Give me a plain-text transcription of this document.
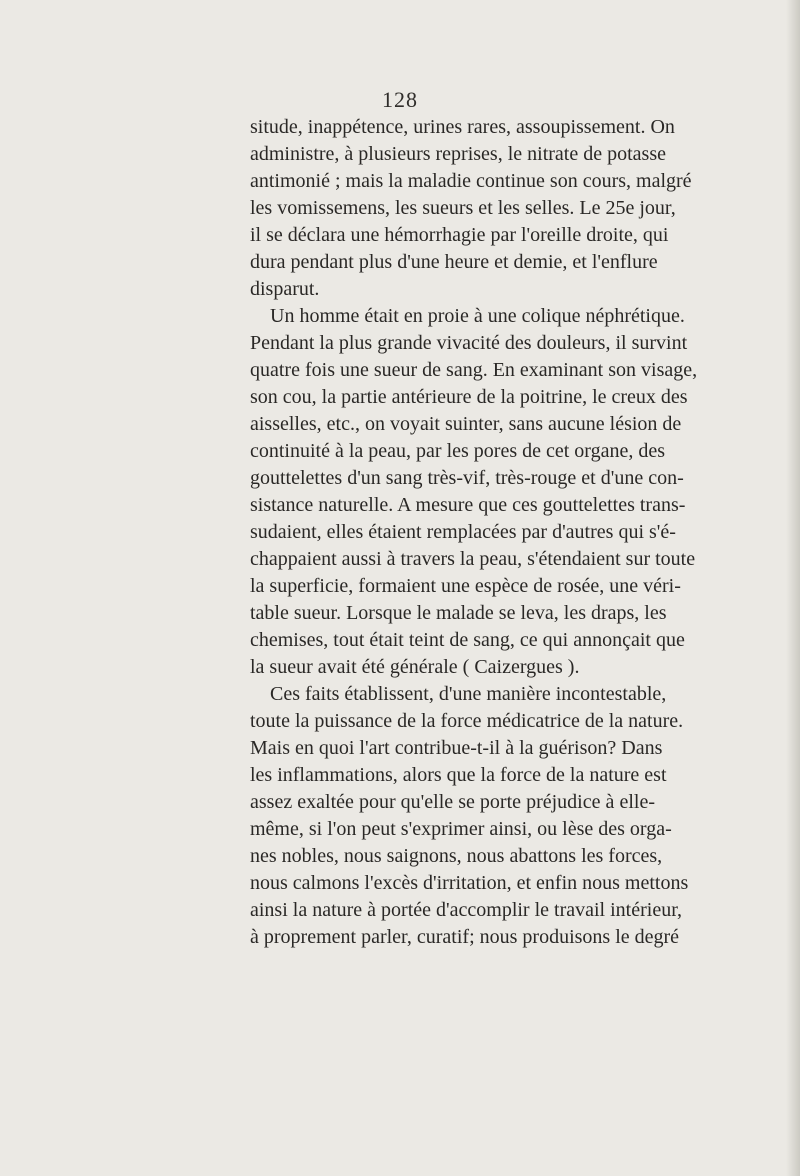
128
situde, inappétence, urines rares, assoupissement. On
administre, à plusieurs reprises, le nitrate de potasse
antimonié ; mais la maladie continue son cours, malgré
les vomissemens, les sueurs et les selles. Le 25e jour,
il se déclara une hémorrhagie par l'oreille droite, qui
dura pendant plus d'une heure et demie, et l'enflure
disparut.
Un homme était en proie à une colique néphrétique.
Pendant la plus grande vivacité des douleurs, il survint
quatre fois une sueur de sang. En examinant son visage,
son cou, la partie antérieure de la poitrine, le creux des
aisselles, etc., on voyait suinter, sans aucune lésion de
continuité à la peau, par les pores de cet organe, des
gouttelettes d'un sang très-vif, très-rouge et d'une con-
sistance naturelle. A mesure que ces gouttelettes trans-
sudaient, elles étaient remplacées par d'autres qui s'é-
chappaient aussi à travers la peau, s'étendaient sur toute
la superficie, formaient une espèce de rosée, une véri-
table sueur. Lorsque le malade se leva, les draps, les
chemises, tout était teint de sang, ce qui annonçait que
la sueur avait été générale ( Caizergues ).
Ces faits établissent, d'une manière incontestable,
toute la puissance de la force médicatrice de la nature.
Mais en quoi l'art contribue-t-il à la guérison? Dans
les inflammations, alors que la force de la nature est
assez exaltée pour qu'elle se porte préjudice à elle-
même, si l'on peut s'exprimer ainsi, ou lèse des orga-
nes nobles, nous saignons, nous abattons les forces,
nous calmons l'excès d'irritation, et enfin nous mettons
ainsi la nature à portée d'accomplir le travail intérieur,
à proprement parler, curatif; nous produisons le degré
